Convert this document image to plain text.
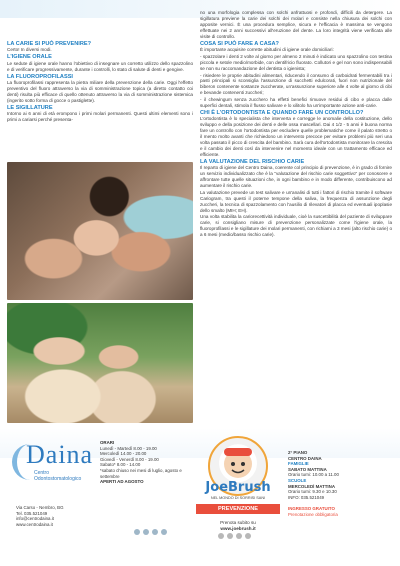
LA CARIE SI PUÒ PREVENIRE?

Certo! In diversi modi.

L'IGIENE ORALE

Le sedute di igiene orale hanno l'obiettivo di insegnare un corretto utilizzo dello spazzolino e di verificare progressivamente, durante i controlli, lo stato di salute di denti e gengive.

LA FLUOROPROFILASSI

La fluoroprofilassi rappresenta la pietra miliare della prevenzione della carie. Oggi l'effetto preventivo del fluoro attraverso la via di somministrazione topica (a diretto contatto coi denti) risulta più efficace di quello ottenuto attraverso la via di somministrazione sistemica (ingerito sotto forma di gocce o pastiglette).

LE SIGILLATURE

Intorno ai 6 anni di età erompono i primi molari permanenti. Questi ultimi elementi sono i primi a cariarsi perché presenta-

no una morfologia complessa con solchi anfrattuosi e profondi, difficili da detergere. La sigillatura previene la carie dei solchi dei molari e consiste nella chiusura dei solchi con apposite vernici. È una procedura semplice, sicura e l'efficacia è massima se vengono effettuate nei 2 anni successivi all'eruzione del dente. La loro integrità viene verificata alle visite di controllo.

COSA SI PUÒ FARE A CASA?

È importante acquisire corrette abitudini di igiene orale domiciliari:

- spazzolare i denti 2 volte al giorno per almeno 2 minuti è indicato uno spazzolino con testina piccola e setole medio/morbide, con dentifricio fluorato. Collutori e gel non sono indispensabili se non su raccomandazione del dentista o igienista;

- risiedere le proprie abitudini alimentari, riducendo il consumo di carboidrati fermentabili tra i pasti principali si sconsiglia l'assunzione di succhetti edulcorati, fuori non nutrizionale del biberon contenente sostanze zuccherate, un'assunzione superiore alle 4 volte al giorno di cibi e bevande contenenti zuccheri;

- il chewingum senza zucchero ha effetti benefici rimuove residui di cibo e placca dalle superfici dentali, stimola il flusso salivare e lo xilitolo ha un'importante azione anti-carie.

CHI È L'ORTODONTISTA E QUANDO FARE UN CONTROLLO?

L'ortodontista è lo specialista che interverta e corregge le anomalie della costituzione, dello sviluppo e della posizione dei denti e delle ossa mascellari. Dai 4 1/2 - 5 anni è buona norma fare un controllo con l'ortodontista per escludere quelle problematiche come il palato stretto o il mento molto avanti che richiedono un intervento precoce per evitare problemi più seri una volta passato il picco di crescita del bambino. Sarà cura dell'ortodontista monitorare la crescita e il cambio dei denti così da intervenire nel momento ideale con un trattamento efficace ed efficiente.

LA VALUTAZIONE DEL RISCHIO CARIE

Il reparto di igiene del Centro Daina, coerente col principio di prevenzione, è in grado di fornire un servizio individualizzato che è la "valutazione del rischio carie soggettivo" per conoscere e affrontare tutte quelle situazioni che, in ogni bambino e in modo differente, contribuiscono ad aumentare il rischio carie.

La valutazione prevede un test salivare e un'analisi di tutti i fattori di rischio tramite il software Cariogram, tra questi il poterne tempone della saliva, la frequenza di assunzione degli zuccheri, la tecnica di spazzolamento con l'ausilio di rilevatori di placca ed eventuali ipoplasie dello smalto (MIH; EH).

Una volta stabilita la cariorecettività individuale, cioè la suscettibilità del paziente di sviluppare carie, si consigliano misure di prevenzione personalizzate come l'igiene orale, la fluoroprofilassi e le sigillature dei molari permanenti, con richiami a 3 mesi (alto rischio carie) o a 6 mesi (medio/basso rischio carie).

Daina
Centro
Odontostomatologico
Via Carso - Nembro, BG
Tel. 035.521049
info@centrodaina.it
www.centrodaina.it
ORARI
Lunedì - Martedì 8.00 - 19.00
Mercoledì 14.00 - 20.00
Giovedì - Venerdì 8.00 - 19.00
Sabato* 8.00 - 14.00
*sabato chiuso nei mesi di luglio, agosto e settembre
APERTI AD AGOSTO	JoeBrush
NEL MONDO DI SORRISI SANI
PREVENZIONE
Prenota subito su
www.joebrush.it
2° PIANO
CENTRO DAINA
FAMIGLIE
SABATO MATTINA
Orario turni: 10.00 a 11.00
SCUOLE
MERCOLEDÌ MATTINA
Orario turni: 9.30 e 10.30
INFO: 035.521049
INGRESSO GRATUITO
Prenotazione obbligatoria
